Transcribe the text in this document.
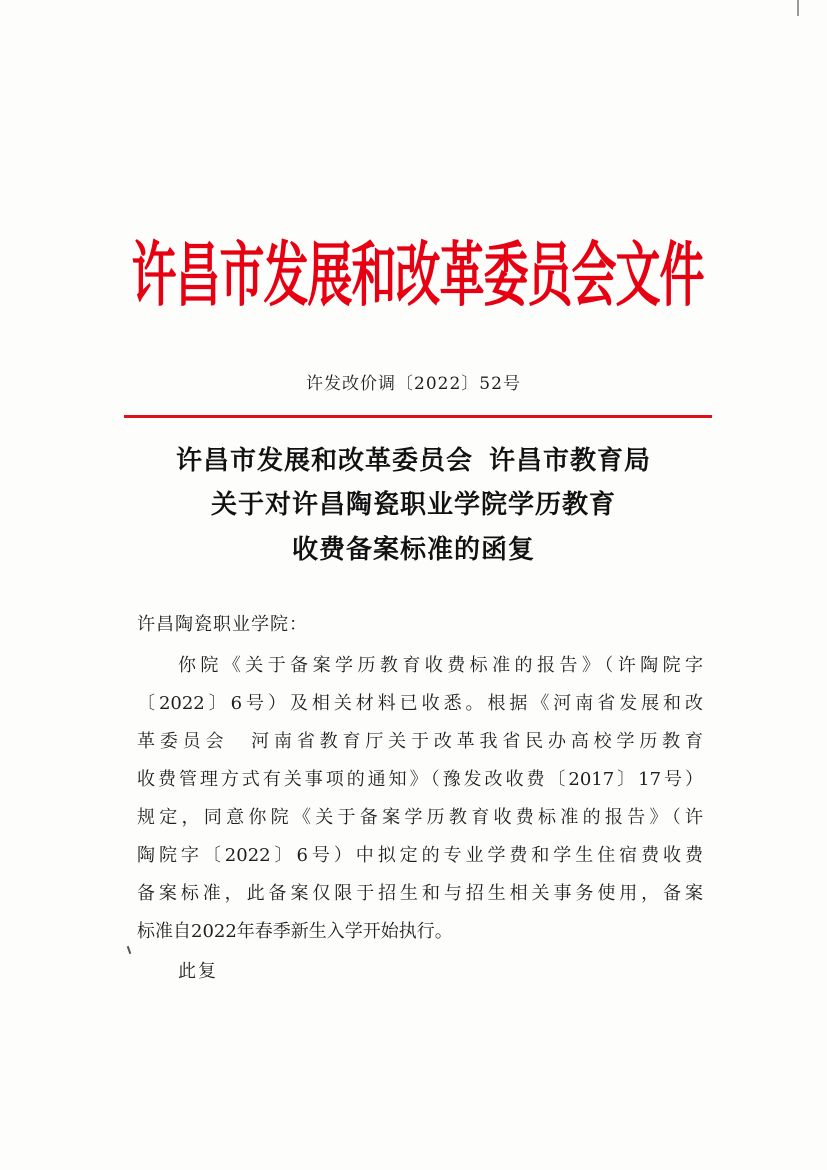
许昌市发展和改革委员会文件
许发改价调〔2022〕52号
许昌市发展和改革委员会 许昌市教育局
关于对许昌陶瓷职业学院学历教育
收费备案标准的函复
许昌陶瓷职业学院：
你院《关于备案学历教育收费标准的报告》（许陶院字
〔2022〕6号）及相关材料已收悉。根据《河南省发展和改
革委员会　河南省教育厅关于改革我省民办高校学历教育
收费管理方式有关事项的通知》（豫发改收费〔2017〕17号）
规定，同意你院《关于备案学历教育收费标准的报告》（许
陶院字〔2022〕6号）中拟定的专业学费和学生住宿费收费
备案标准，此备案仅限于招生和与招生相关事务使用，备案
标准自2022年春季新生入学开始执行。
此复
